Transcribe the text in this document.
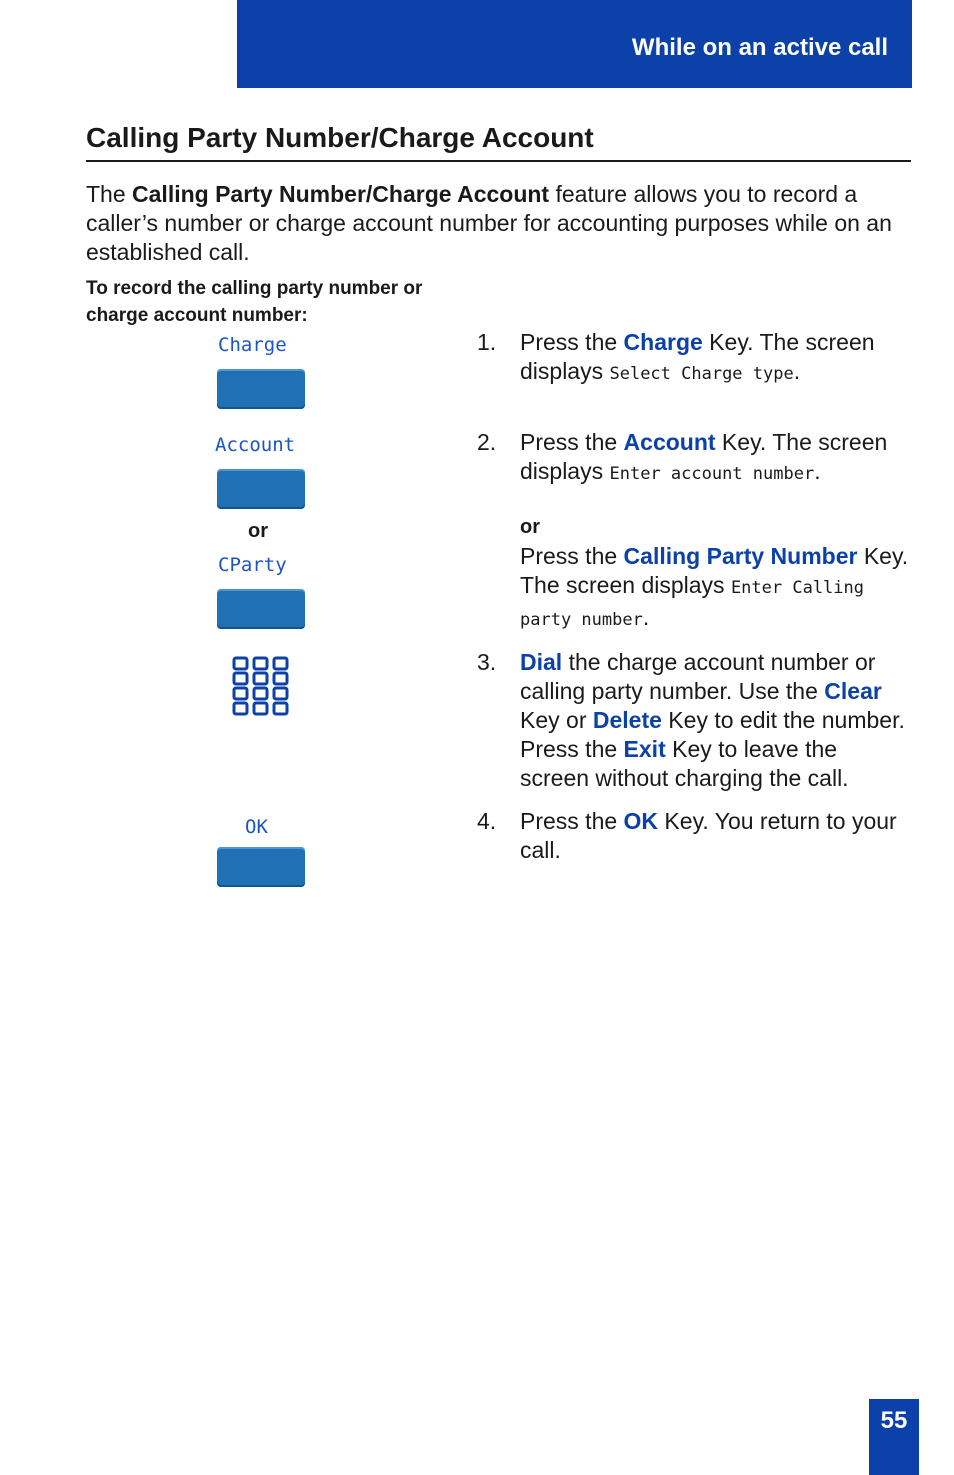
While on an active call
Calling Party Number/Charge Account

The Calling Party Number/Charge Account feature allows you to record a caller’s number or charge account number for accounting purposes while on an established call.

To record the calling party number or charge account number:
Charge
Account
or
CParty
OK
1. Press the Charge Key. The screen displays Select Charge type.
2. Press the Account Key. The screen displays Enter account number.
or
Press the Calling Party Number Key. The screen displays Enter Calling party number.
3. Dial the charge account number or calling party number. Use the Clear Key or Delete Key to edit the number. Press the Exit Key to leave the screen without charging the call.
4. Press the OK Key. You return to your call.
55
